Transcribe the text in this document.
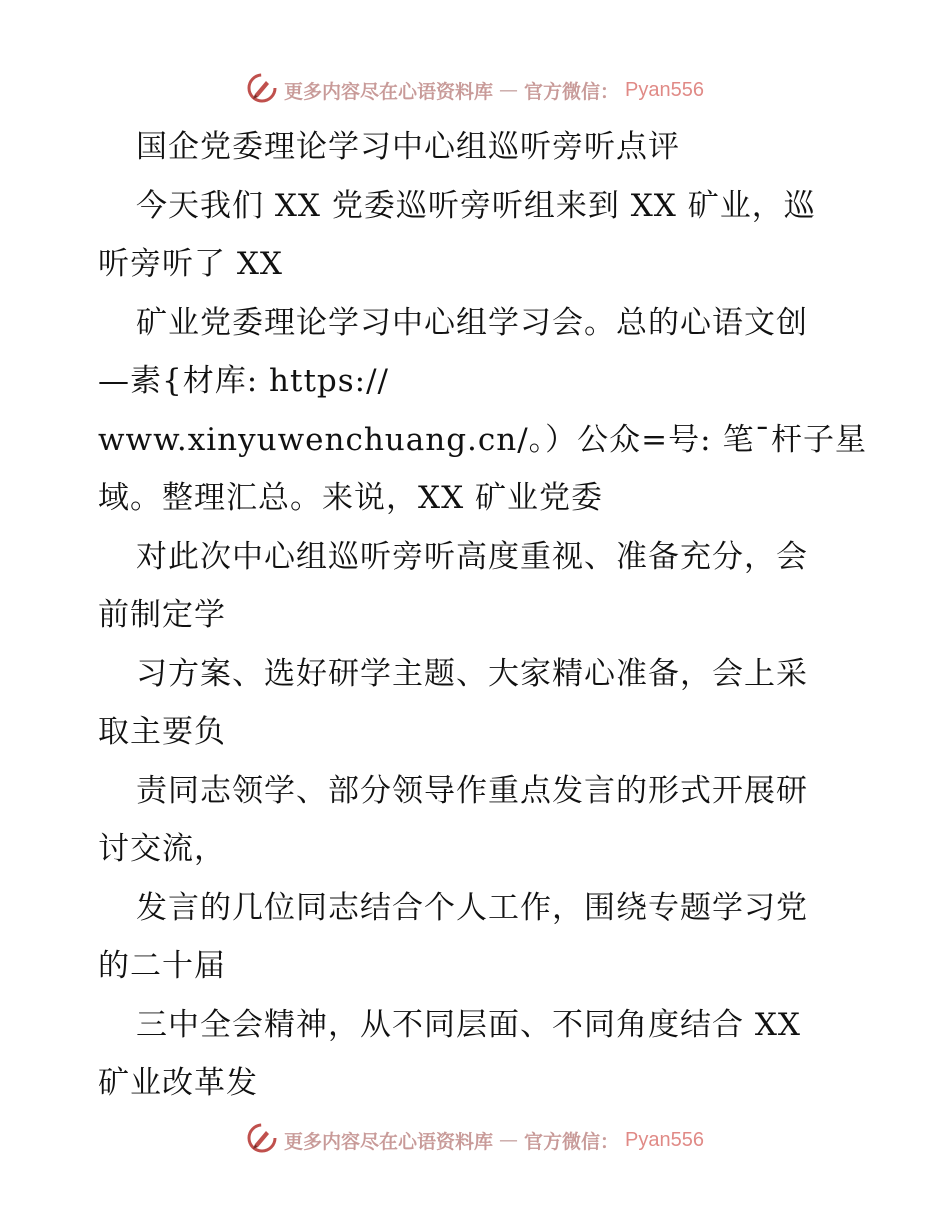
更多内容尽在心语资料库 — 官方微信： Pyan556
国企党委理论学习中心组巡听旁听点评
今天我们 XX 党委巡听旁听组来到 XX 矿业，巡
听旁听了 XX
矿业党委理论学习中心组学习会。总的心语文创
—素{材库: https://
www.xinyuwenchuang.cn/。）公众=号: 笔¯杆子星
域。整理汇总。来说，XX 矿业党委
对此次中心组巡听旁听高度重视、准备充分，会
前制定学
习方案、选好研学主题、大家精心准备，会上采
取主要负
责同志领学、部分领导作重点发言的形式开展研
讨交流，
发言的几位同志结合个人工作，围绕专题学习党
的二十届
三中全会精神，从不同层面、不同角度结合 XX
矿业改革发
更多内容尽在心语资料库 — 官方微信： Pyan556
